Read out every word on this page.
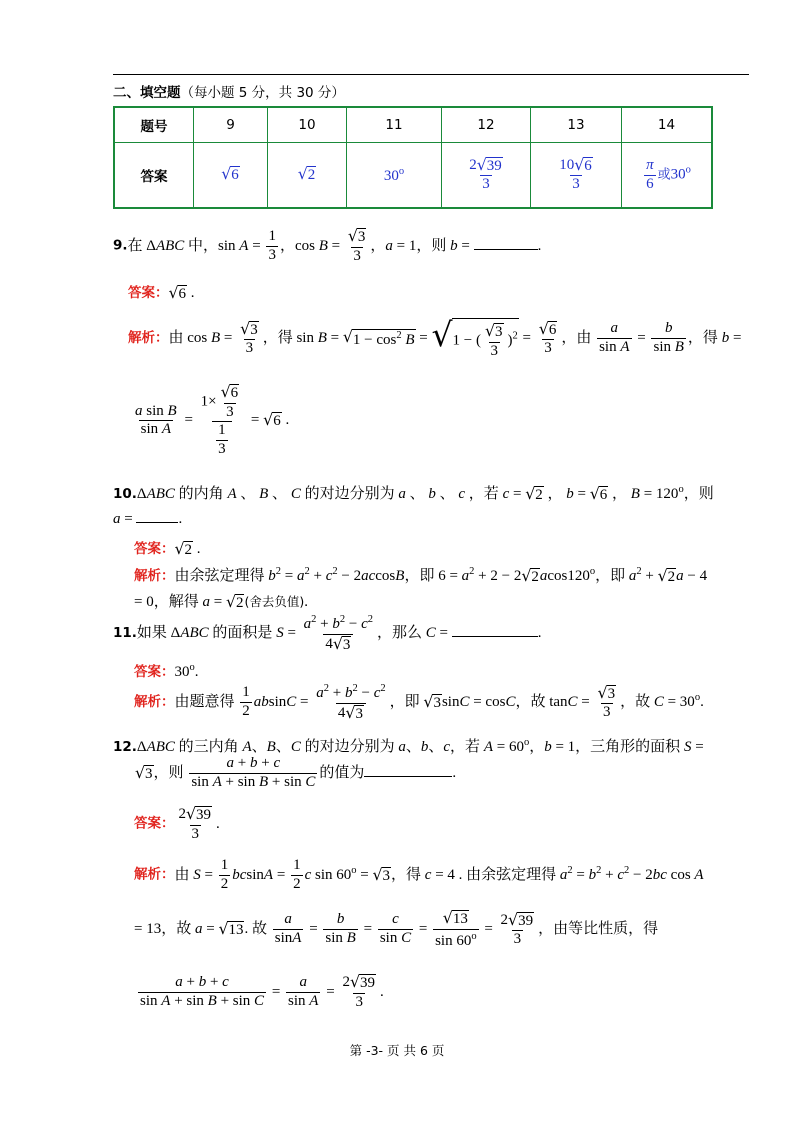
二、填空题（每小题 5 分，共 30 分）
题号	9	10	11	12	13	14
答案	√ 6	√ 2	30$^o$	$\frac{2 √ 39}{3}$	$\frac{10 √ 6}{3}$	$\frac{\pi}{6}$ 或30$^o$
9.在 ΔABC 中，$\sin A = \frac{1}{3}$ ，$\cos B = \frac{√ 3}{3}$ ，a = 1，则 b =	.
答案： √ 6 .
解析：由 $\cos B = \frac{√ 3}{3}$ ，得 sin B = √ $1 - \cos^2 B$ = √ 1 − ( $\frac{√ 3}{3} )^2 = \frac{√ 6}{3}$ ，由 $\frac{a}{\text{sin A}} = \frac{b}{\text{sin B}}$ ，得 b =
$\frac{\text{a sin B}}{\text{sin A}} = \frac{1\times \frac{√ 6}{3}}{\frac{1}{3}}$ = √ 6 .
10.ΔABC 的内角 A 、 B 、 C 的对边分别为 a 、 b 、 c ，若 c = √ 2 ， b = √ 6 ， $B = 120^o$，则
a =	.
答案： √ 2 .
解析：由余弦定理得 $b^2 = a^2 + c^2 - 2accosB$，即 $6 = a^2 + 2 - 2$ √ 2 acos120$^o$，即 $a^2$ + √ 2 a − 4
= 0，解得 a = √ 2 (舍去负值).
11.如果 ΔABC 的面积是 $S = \frac{a^2 + b^2 - c^2}{4 √ 3}$ ，那么 C =	.
答案：30$^o$.
解析：由题意得 $\frac{1}{2}$ $absinC = \frac{a^2 + b^2 - c^2}{4 √ 3}$ ，即 √ 3 sinC = cosC，故 $\tan C = \frac{√ 3}{3}$ ，故 $C = 30^o$.
12.ΔABC 的三内角 A、B、C 的对边分别为 a、b、c，若 $A = 60^o$，b = 1，三角形的面积 S =
√ 3 ，则 $\frac{a + b + c}{\text{sin A + sin B + sin C}}$ 的值为	.
答案： $\frac{2 √ 39}{3}$ .
解析：由 $S = \frac{1}{2}$ $bcsinA = \frac{1}{2}$ c $\sin 60^o$ = √ 3 ，得 c = 4 . 由余弦定理得 $a^2 = b^2 + c^2 - 2bc$ cos A
= 13，故 a = √ 13 . 故 $\frac{a}{\sin A} = \frac{b}{\text{sin B}} = \frac{c}{\text{sin C}} = \frac{√ 13}{\sin 60^o} = \frac{2 √ 39}{3}$ ，由等比性质，得
$\frac{a + b + c}{\text{sin A + sin B + sin C}} = \frac{a}{\text{sin A}} = \frac{2 √ 39}{3}$ .
第 -3- 页 共 6 页
